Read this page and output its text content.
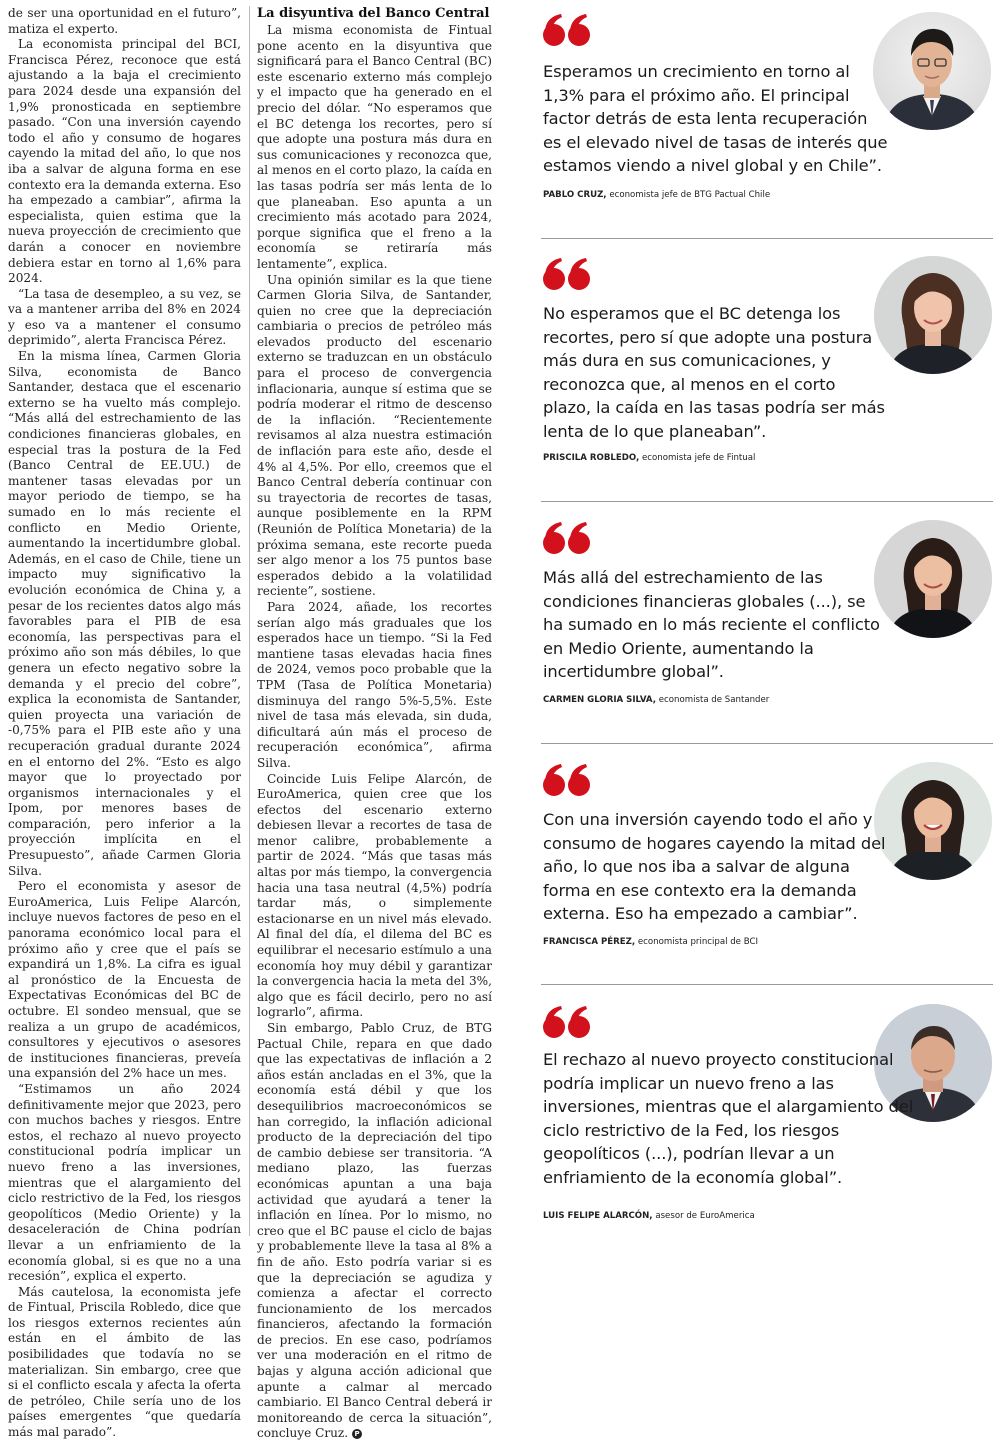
de ser una oportunidad en el futuro”, matiza el experto.

La economista principal del BCI, Francisca Pérez, reconoce que está ajustando a la baja el crecimiento para 2024 desde una expansión del 1,9% pronosticada en septiembre pasado. “Con una inversión cayendo todo el año y consumo de hogares cayendo la mitad del año, lo que nos iba a salvar de alguna forma en ese contexto era la demanda externa. Eso ha empezado a cambiar”, afirma la especialista, quien estima que la nueva proyección de crecimiento que darán a conocer en noviembre debiera estar en torno al 1,6% para 2024.

“La tasa de desempleo, a su vez, se va a mantener arriba del 8% en 2024 y eso va a mantener el consumo deprimido”, alerta Francisca Pérez.

En la misma línea, Carmen Gloria Silva, economista de Banco Santander, destaca que el escenario externo se ha vuelto más complejo. “Más allá del estrechamiento de las condiciones financieras globales, en especial tras la postura de la Fed (Banco Central de EE.UU.) de mantener tasas elevadas por un mayor periodo de tiempo, se ha sumado en lo más reciente el conflicto en Medio Oriente, aumentando la incertidumbre global. Además, en el caso de Chile, tiene un impacto muy significativo la evolución económica de China y, a pesar de los recientes datos algo más favorables para el PIB de esa economía, las perspectivas para el próximo año son más débiles, lo que genera un efecto negativo sobre la demanda y el precio del cobre”, explica la economista de Santander, quien proyecta una variación de -0,75% para el PIB este año y una recuperación gradual durante 2024 en el entorno del 2%. “Esto es algo mayor que lo proyectado por organismos internacionales y el Ipom, por menores bases de comparación, pero inferior a la proyección implícita en el Presupuesto”, añade Carmen Gloria Silva.

Pero el economista y asesor de EuroAmerica, Luis Felipe Alarcón, incluye nuevos factores de peso en el panorama económico local para el próximo año y cree que el país se expandirá un 1,8%. La cifra es igual al pronóstico de la Encuesta de Expectativas Económicas del BC de octubre. El sondeo mensual, que se realiza a un grupo de académicos, consultores y ejecutivos o asesores de instituciones financieras, preveía una expansión del 2% hace un mes.

“Estimamos un año 2024 definitivamente mejor que 2023, pero con muchos baches y riesgos. Entre estos, el rechazo al nuevo proyecto constitucional podría implicar un nuevo freno a las inversiones, mientras que el alargamiento del ciclo restrictivo de la Fed, los riesgos geopolíticos (Medio Oriente) y la desaceleración de China podrían llevar a un enfriamiento de la economía global, si es que no a una recesión”, explica el experto.

Más cautelosa, la economista jefe de Fintual, Priscila Robledo, dice que los riesgos externos recientes aún están en el ámbito de las posibilidades que todavía no se materializan. Sin embargo, cree que si el conflicto escala y afecta la oferta de petróleo, Chile sería uno de los países emergentes “que quedaría más mal parado”.

La disyuntiva del Banco Central

La misma economista de Fintual pone acento en la disyuntiva que significará para el Banco Central (BC) este escenario externo más complejo y el impacto que ha generado en el precio del dólar. “No esperamos que el BC detenga los recortes, pero sí que adopte una postura más dura en sus comunicaciones y reconozca que, al menos en el corto plazo, la caída en las tasas podría ser más lenta de lo que planeaban. Eso apunta a un crecimiento más acotado para 2024, porque significa que el freno a la economía se retiraría más lentamente”, explica.

Una opinión similar es la que tiene Carmen Gloria Silva, de Santander, quien no cree que la depreciación cambiaria o precios de petróleo más elevados producto del escenario externo se traduzcan en un obstáculo para el proceso de convergencia inflacionaria, aunque sí estima que se podría moderar el ritmo de descenso de la inflación. “Recientemente revisamos al alza nuestra estimación de inflación para este año, desde el 4% al 4,5%. Por ello, creemos que el Banco Central debería continuar con su trayectoria de recortes de tasas, aunque posiblemente en la RPM (Reunión de Política Monetaria) de la próxima semana, este recorte pueda ser algo menor a los 75 puntos base esperados debido a la volatilidad reciente”, sostiene.

Para 2024, añade, los recortes serían algo más graduales que los esperados hace un tiempo. “Si la Fed mantiene tasas elevadas hacia fines de 2024, vemos poco probable que la TPM (Tasa de Política Monetaria) disminuya del rango 5%-5,5%. Este nivel de tasa más elevada, sin duda, dificultará aún más el proceso de recuperación económica”, afirma Silva.

Coincide Luis Felipe Alarcón, de EuroAmerica, quien cree que los efectos del escenario externo debiesen llevar a recortes de tasa de menor calibre, probablemente a partir de 2024. “Más que tasas más altas por más tiempo, la convergencia hacia una tasa neutral (4,5%) podría tardar más, o simplemente estacionarse en un nivel más elevado. Al final del día, el dilema del BC es equilibrar el necesario estímulo a una economía hoy muy débil y garantizar la convergencia hacia la meta del 3%, algo que es fácil decirlo, pero no así lograrlo”, afirma.

Sin embargo, Pablo Cruz, de BTG Pactual Chile, repara en que dado que las expectativas de inflación a 2 años están ancladas en el 3%, que la economía está débil y que los desequilibrios macroeconómicos se han corregido, la inflación adicional producto de la depreciación del tipo de cambio debiese ser transitoria. “A mediano plazo, las fuerzas económicas apuntan a una baja actividad que ayudará a tener la inflación en línea. Por lo mismo, no creo que el BC pause el ciclo de bajas y probablemente lleve la tasa al 8% a fin de año. Esto podría variar si es que la depreciación se agudiza y comienza a afectar el correcto funcionamiento de los mercados financieros, afectando la formación de precios. En ese caso, podríamos ver una moderación en el ritmo de bajas y alguna acción adicional que apunte a calmar al mercado cambiario. El Banco Central deberá ir monitoreando de cerca la situación”, concluye Cruz. P

Esperamos un crecimiento en torno al 1,3% para el próximo año. El principal factor detrás de esta lenta recuperación es el elevado nivel de tasas de interés que estamos viendo a nivel global y en Chile”.
PABLO CRUZ, economista jefe de BTG Pactual Chile
No esperamos que el BC detenga los recortes, pero sí que adopte una postura más dura en sus comunicaciones, y reconozca que, al menos en el corto plazo, la caída en las tasas podría ser más lenta de lo que planeaban”.
PRISCILA ROBLEDO, economista jefe de Fintual
Más allá del estrechamiento de las condiciones financieras globales (...), se ha sumado en lo más reciente el conflicto en Medio Oriente, aumentando la incertidumbre global”.
CARMEN GLORIA SILVA, economista de Santander
Con una inversión cayendo todo el año y consumo de hogares cayendo la mitad del año, lo que nos iba a salvar de alguna forma en ese contexto era la demanda externa. Eso ha empezado a cambiar”.
FRANCISCA PÉREZ, economista principal de BCI
El rechazo al nuevo proyecto constitucional podría implicar un nuevo freno a las inversiones, mientras que el alargamiento del ciclo restrictivo de la Fed, los riesgos geopolíticos (...), podrían llevar a un enfriamiento de la economía global”.
LUIS FELIPE ALARCÓN, asesor de EuroAmerica
